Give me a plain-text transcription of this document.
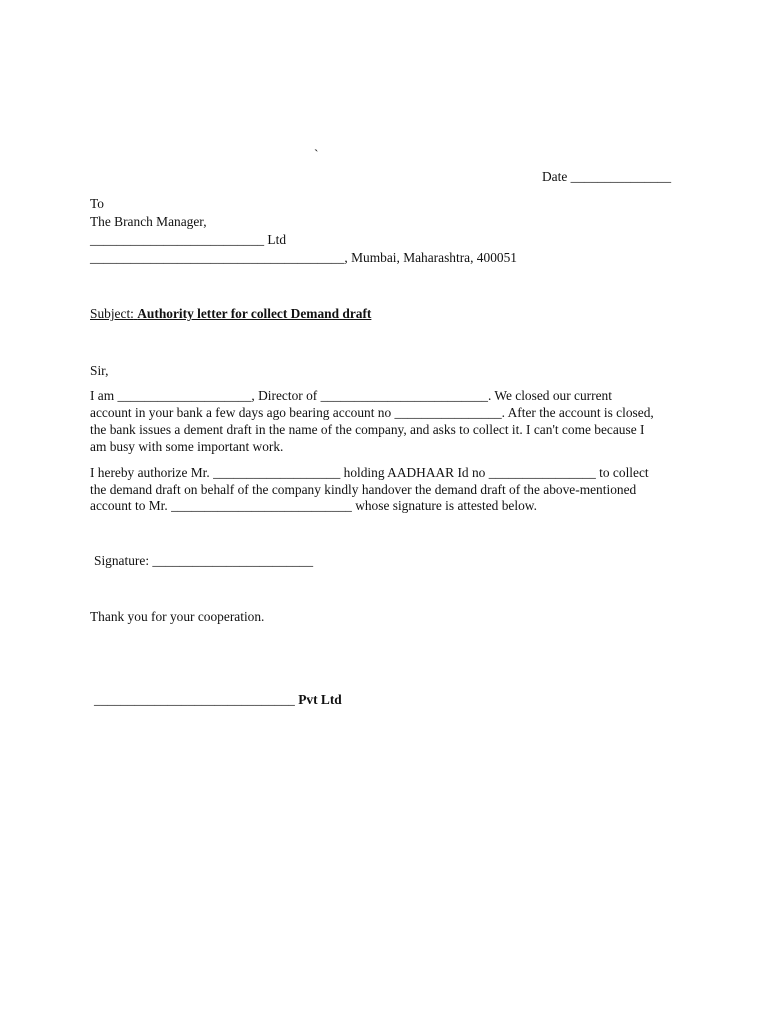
`
Date _______________
To
The Branch Manager,
__________________________ Ltd
______________________________________, Mumbai, Maharashtra, 400051
Subject: Authority letter for collect Demand draft
Sir,
I am ____________________, Director of _________________________. We closed our current
account in your bank a few days ago bearing account no ________________. After the account is closed,
the bank issues a dement draft in the name of the company, and asks to collect it. I can't come because I
am busy with some important work.
I hereby authorize Mr. ___________________ holding AADHAAR Id no ________________ to collect
the demand draft on behalf of the company kindly handover the demand draft of the above-mentioned
account to Mr. ___________________________ whose signature is attested below.
Signature: ________________________
Thank you for your cooperation.
______________________________ Pvt Ltd
